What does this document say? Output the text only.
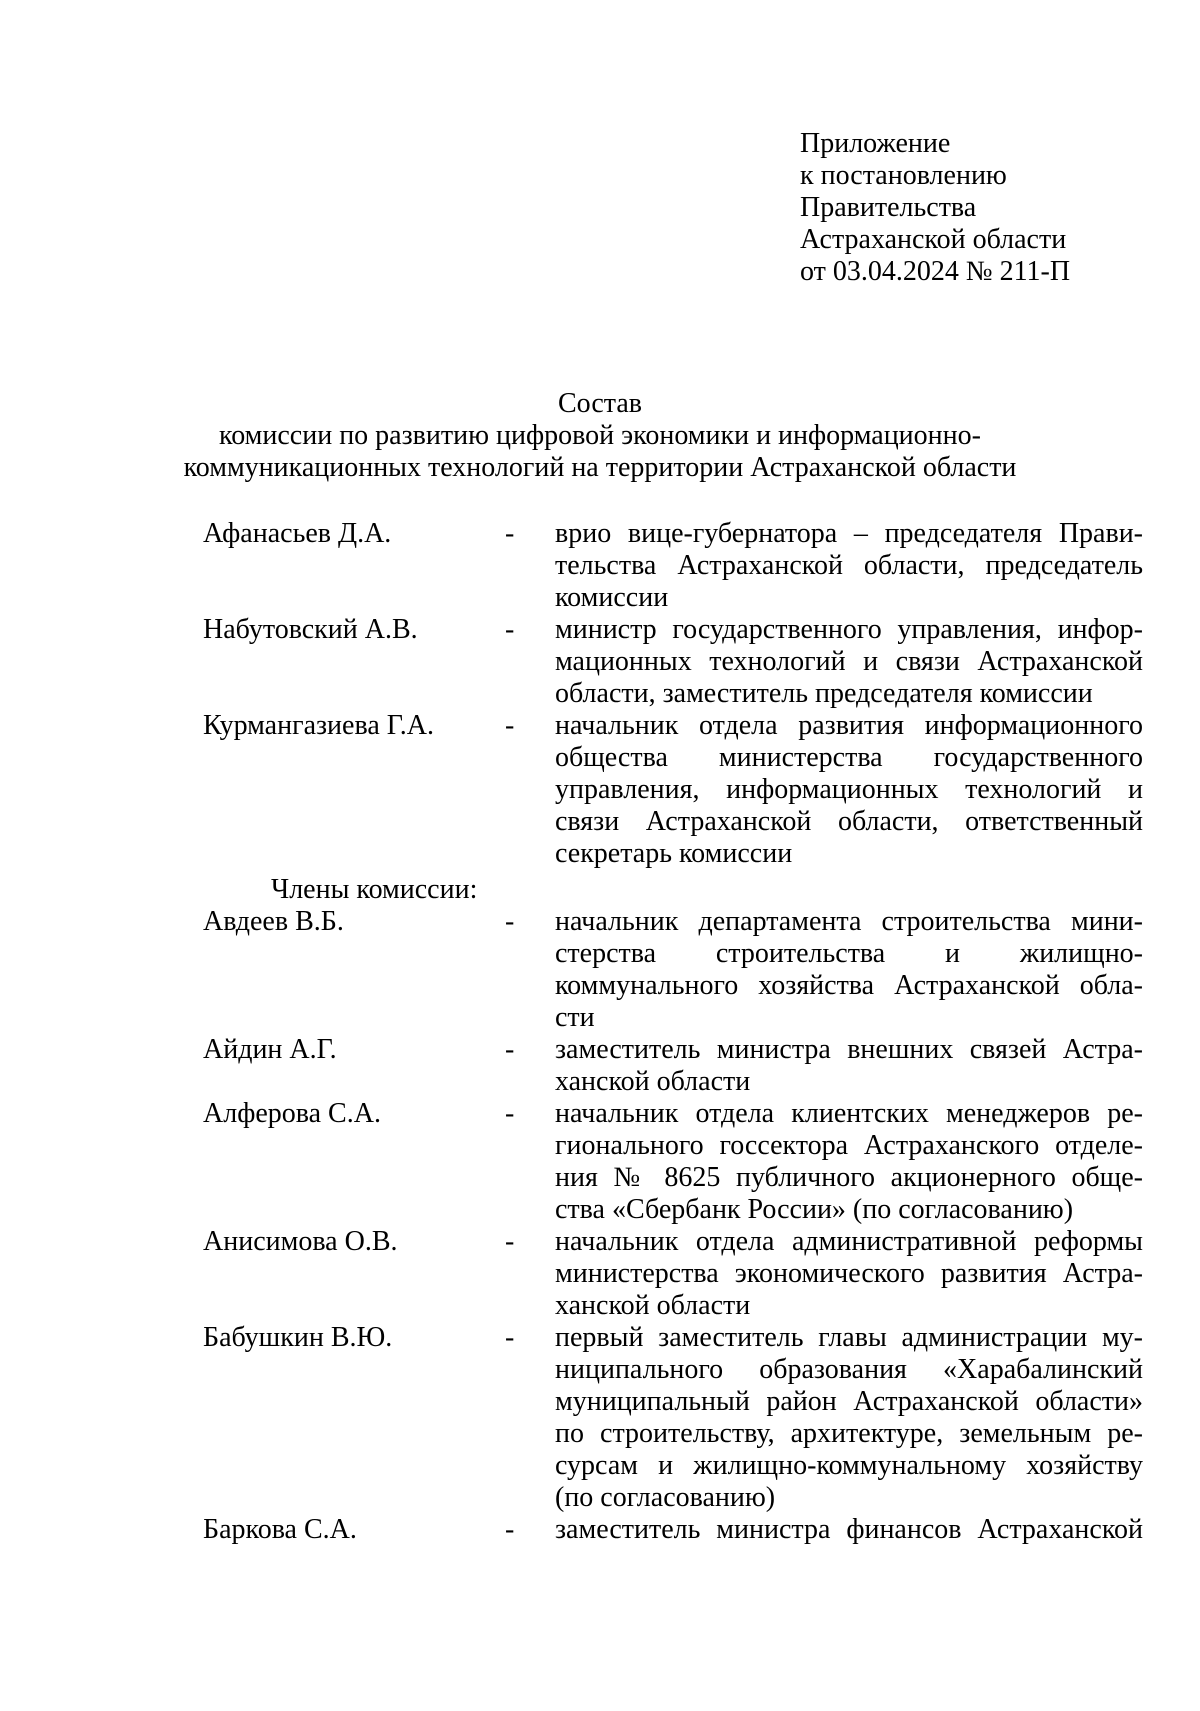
Приложение
к постановлению
Правительства
Астраханской области
от 03.04.2024 № 211-П
Состав
комиссии по развитию цифровой экономики и информационно-
коммуникационных технологий на территории Астраханской области
Афанасьев Д.А.	-	врио вице-губернатора – председателя Прави-
тельства Астраханской области, председатель
комиссии
Набутовский А.В.	-	министр государственного управления, инфор-
мационных технологий и связи Астраханской
области, заместитель председателя комиссии
Курмангазиева Г.А.	-	начальник отдела развития информационного
общества министерства государственного
управления, информационных технологий и
связи Астраханской области, ответственный
секретарь комиссии
Члены комиссии:
Авдеев В.Б.	-	начальник департамента строительства мини-
стерства строительства и жилищно-
коммунального хозяйства Астраханской обла-
сти
Айдин А.Г.	-	заместитель министра внешних связей Астра-
ханской области
Алферова С.А.	-	начальник отдела клиентских менеджеров ре-
гионального госсектора Астраханского отделе-
ния № 8625 публичного акционерного обще-
ства «Сбербанк России» (по согласованию)
Анисимова О.В.	-	начальник отдела административной реформы
министерства экономического развития Астра-
ханской области
Бабушкин В.Ю.	-	первый заместитель главы администрации му-
ниципального образования «Харабалинский
муниципальный район Астраханской области»
по строительству, архитектуре, земельным ре-
сурсам и жилищно-коммунальному хозяйству
(по согласованию)
Баркова С.А.	-	заместитель министра финансов Астраханской
